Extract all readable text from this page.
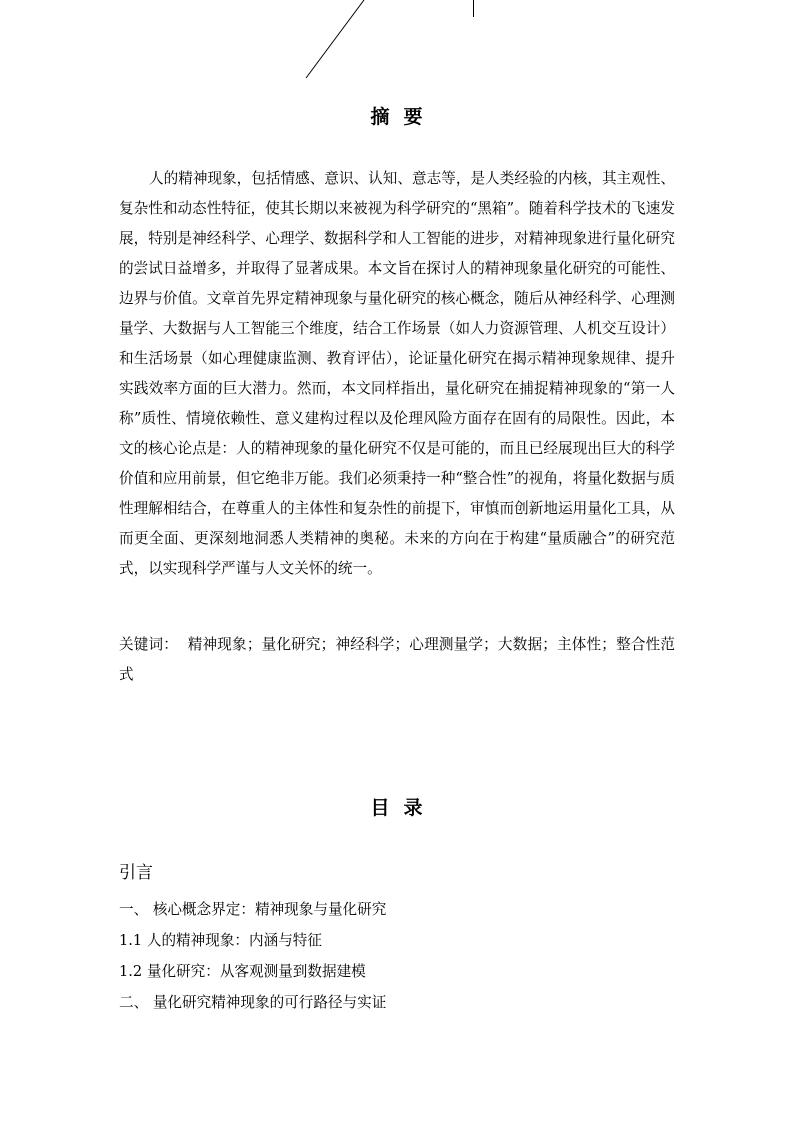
摘要

人的精神现象，包括情感、意识、认知、意志等，是人类经验的内核，其主观性、复杂性和动态性特征，使其长期以来被视为科学研究的“黑箱”。随着科学技术的飞速发展，特别是神经科学、心理学、数据科学和人工智能的进步，对精神现象进行量化研究的尝试日益增多，并取得了显著成果。本文旨在探讨人的精神现象量化研究的可能性、边界与价值。文章首先界定精神现象与量化研究的核心概念，随后从神经科学、心理测量学、大数据与人工智能三个维度，结合工作场景（如人力资源管理、人机交互设计）和生活场景（如心理健康监测、教育评估），论证量化研究在揭示精神现象规律、提升实践效率方面的巨大潜力。然而，本文同样指出，量化研究在捕捉精神现象的“第一人称”质性、情境依赖性、意义建构过程以及伦理风险方面存在固有的局限性。因此，本文的核心论点是：人的精神现象的量化研究不仅是可能的，而且已经展现出巨大的科学价值和应用前景，但它绝非万能。我们必须秉持一种“整合性”的视角，将量化数据与质性理解相结合，在尊重人的主体性和复杂性的前提下，审慎而创新地运用量化工具，从而更全面、更深刻地洞悉人类精神的奥秘。未来的方向在于构建“量质融合”的研究范式，以实现科学严谨与人文关怀的统一。

关键词： 精神现象；量化研究；神经科学；心理测量学；大数据；主体性；整合性范式

目录
引言
一、 核心概念界定：精神现象与量化研究
1.1 人的精神现象：内涵与特征
1.2 量化研究：从客观测量到数据建模
二、 量化研究精神现象的可行路径与实证
